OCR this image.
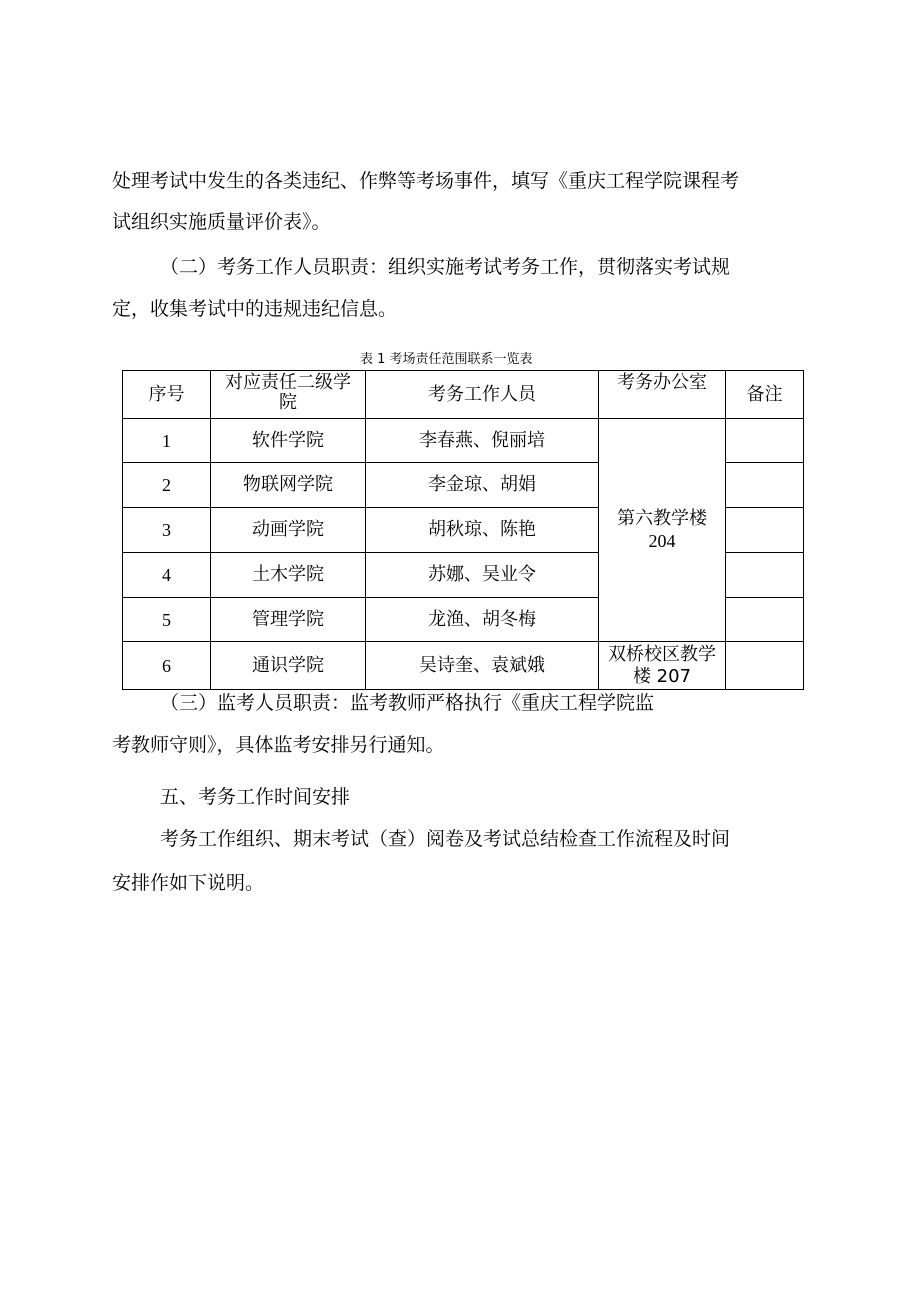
处理考试中发生的各类违纪、作弊等考场事件，填写《重庆工程学院课程考

试组织实施质量评价表》。

（二）考务工作人员职责：组织实施考试考务工作，贯彻落实考试规

定，收集考试中的违规违纪信息。

表 1 考场责任范围联系一览表
序号	对应责任二级学
院	考务工作人员	考务办公室	备注
1	软件学院	李春燕、倪丽培	第六教学楼
204	
2	物联网学院	李金琼、胡娟		
3	动画学院	胡秋琼、陈艳		
4	土木学院	苏娜、吴业令		
5	管理学院	龙渔、胡冬梅		
6	通识学院	吴诗奎、袁斌娥	双桥校区教学
楼 207	

（三）监考人员职责：监考教师严格执行《重庆工程学院监

考教师守则》，具体监考安排另行通知。

五、考务工作时间安排

考务工作组织、期末考试（查）阅卷及考试总结检查工作流程及时间

安排作如下说明。
